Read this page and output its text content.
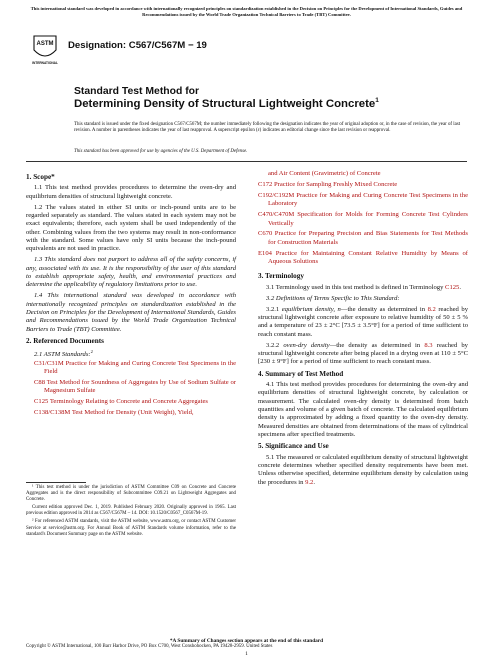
This international standard was developed in accordance with internationally recognized principles on standardization established in the Decision on Principles for the Development of International Standards, Guides and Recommendations issued by the World Trade Organization Technical Barriers to Trade (TBT) Committee.
ASTM
INTERNATIONAL
Designation: C567/C567M − 19
Standard Test Method for
Determining Density of Structural Lightweight Concrete$^1$
This standard is issued under the fixed designation C567/C567M; the number immediately following the designation indicates the year of original adoption or, in the case of revision, the year of last revision. A number in parentheses indicates the year of last reapproval. A superscript epsilon (ε) indicates an editorial change since the last revision or reapproval.
This standard has been approved for use by agencies of the U.S. Department of Defense.
1. Scope*

1.1 This test method provides procedures to determine the oven-dry and equilibrium densities of structural lightweight concrete.

1.2 The values stated in either SI units or inch-pound units are to be regarded separately as standard. The values stated in each system may not be exact equivalents; therefore, each system shall be used independently of the other. Combining values from the two systems may result in non-conformance with the standard. Some values have only SI units because the inch-pound equivalents are not used in practice.

1.3 This standard does not purport to address all of the safety concerns, if any, associated with its use. It is the responsibility of the user of this standard to establish appropriate safety, health, and environmental practices and determine the applicability of regulatory limitations prior to use.

1.4 This international standard was developed in accordance with internationally recognized principles on standardization established in the Decision on Principles for the Development of International Standards, Guides and Recommendations issued by the World Trade Organization Technical Barriers to Trade (TBT) Committee.

2. Referenced Documents

2.1 ASTM Standards:$^2$

C31/C31M Practice for Making and Curing Concrete Test Specimens in the Field

C88 Test Method for Soundness of Aggregates by Use of Sodium Sulfate or Magnesium Sulfate

C125 Terminology Relating to Concrete and Concrete Aggregates

C138/C138M Test Method for Density (Unit Weight), Yield,

¹ This test method is under the jurisdiction of ASTM Committee C09 on Concrete and Concrete Aggregates and is the direct responsibility of Subcommittee C09.21 on Lightweight Aggregates and Concrete.

Current edition approved Dec. 1, 2019. Published February 2020. Originally approved in 1965. Last previous edition approved in 2014 as C567/C567M – 14. DOI: 10.1520/C0567_C0567M-19.

² For referenced ASTM standards, visit the ASTM website, www.astm.org, or contact ASTM Customer Service at service@astm.org. For Annual Book of ASTM Standards volume information, refer to the standard's Document Summary page on the ASTM website.

and Air Content (Gravimetric) of Concrete

C172 Practice for Sampling Freshly Mixed Concrete

C192/C192M Practice for Making and Curing Concrete Test Specimens in the Laboratory

C470/C470M Specification for Molds for Forming Concrete Test Cylinders Vertically

C670 Practice for Preparing Precision and Bias Statements for Test Methods for Construction Materials

E104 Practice for Maintaining Constant Relative Humidity by Means of Aqueous Solutions

3. Terminology

3.1 Terminology used in this test method is defined in Terminology C125.

3.2 Definitions of Terms Specific to This Standard:

3.2.1 equilibrium density, n—the density as determined in 8.2 reached by structural lightweight concrete after exposure to relative humidity of 50 ± 5 % and a temperature of 23 ± 2°C [73.5 ± 3.5°F] for a period of time sufficient to reach constant mass.

3.2.2 oven-dry density—the density as determined in 8.3 reached by structural lightweight concrete after being placed in a drying oven at 110 ± 5°C [230 ± 9°F] for a period of time sufficient to reach constant mass.

4. Summary of Test Method

4.1 This test method provides procedures for determining the oven-dry and equilibrium densities of structural lightweight concrete, by calculation or measurement. The calculated oven-dry density is determined from batch quantities and volume of a given batch of concrete. The calculated equilibrium density is approximated by adding a fixed quantity to the oven-dry density. Measured densities are obtained from determinations of the mass of cylindrical specimens after specified treatments.

5. Significance and Use

5.1 The measured or calculated equilibrium density of structural lightweight concrete determines whether specified density requirements have been met. Unless otherwise specified, determine equilibrium density by calculation using the procedures in 9.2.

*A Summary of Changes section appears at the end of this standard
Copyright © ASTM International, 100 Barr Harbor Drive, PO Box C700, West Conshohocken, PA 19428-2959. United States
1
